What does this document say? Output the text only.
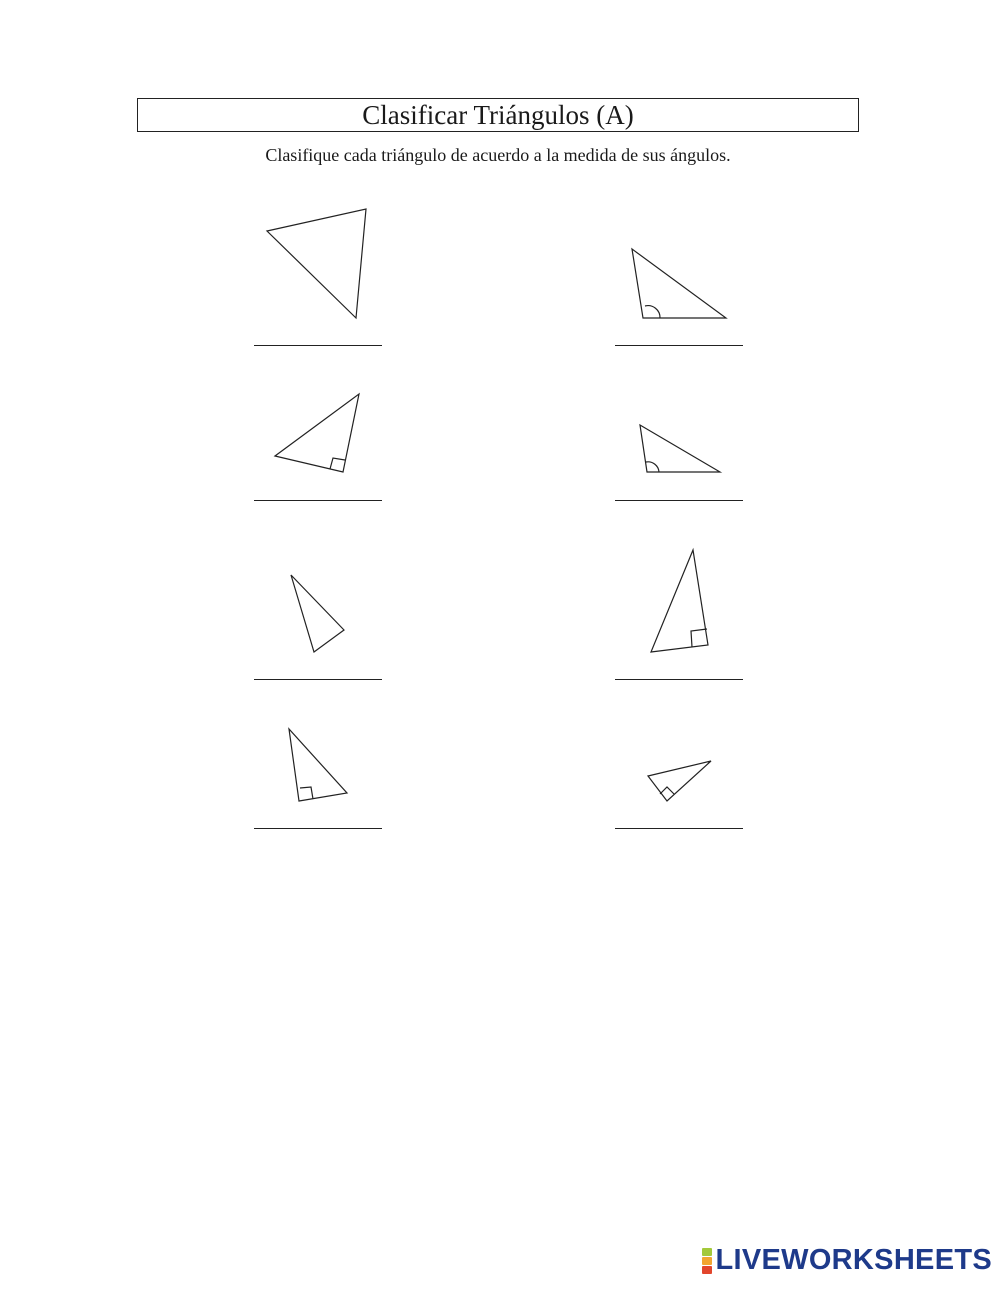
Clasificar Triángulos (A)
Clasifique cada triángulo de acuerdo a la medida de sus ángulos.
LIVEWORKSHEETS
